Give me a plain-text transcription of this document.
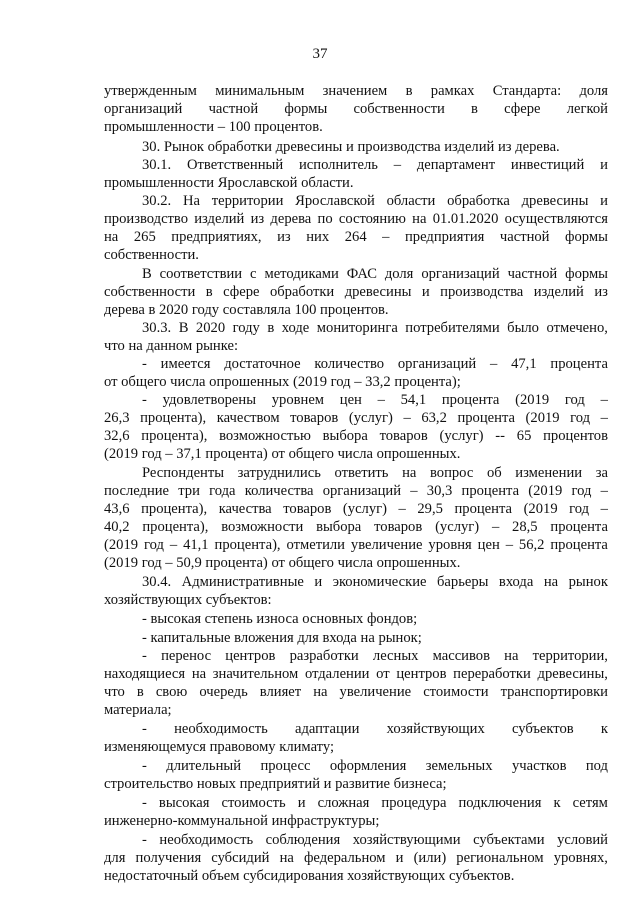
37
утвержденным минимальным значением в рамках Стандарта: доля
организаций частной формы собственности в сфере легкой
промышленности – 100 процентов.
30. Рынок обработки древесины и производства изделий из дерева.
30.1. Ответственный исполнитель – департамент инвестиций и
промышленности Ярославской области.
30.2. На территории Ярославской области обработка древесины и
производство изделий из дерева по состоянию на 01.01.2020 осуществляются
на 265 предприятиях, из них 264 – предприятия частной формы
собственности.
В соответствии с методиками ФАС доля организаций частной формы
собственности в сфере обработки древесины и производства изделий из
дерева в 2020 году составляла 100 процентов.
30.3. В 2020 году в ходе мониторинга потребителями было отмечено,
что на данном рынке:
- имеется достаточное количество организаций – 47,1 процента
от общего числа опрошенных (2019 год – 33,2 процента);
- удовлетворены уровнем цен – 54,1 процента (2019 год –
26,3 процента), качеством товаров (услуг) – 63,2 процента (2019 год –
32,6 процента), возможностью выбора товаров (услуг) -- 65 процентов
(2019 год – 37,1 процента) от общего числа опрошенных.
Респонденты затруднились ответить на вопрос об изменении за
последние три года количества организаций – 30,3 процента (2019 год –
43,6 процента), качества товаров (услуг) – 29,5 процента (2019 год –
40,2 процента), возможности выбора товаров (услуг) – 28,5 процента
(2019 год – 41,1 процента), отметили увеличение уровня цен – 56,2 процента
(2019 год – 50,9 процента) от общего числа опрошенных.
30.4. Административные и экономические барьеры входа на рынок
хозяйствующих субъектов:
- высокая степень износа основных фондов;
- капитальные вложения для входа на рынок;
- перенос центров разработки лесных массивов на территории,
находящиеся на значительном отдалении от центров переработки древесины,
что в свою очередь влияет на увеличение стоимости транспортировки
материала;
- необходимость адаптации хозяйствующих субъектов к
изменяющемуся правовому климату;
- длительный процесс оформления земельных участков под
строительство новых предприятий и развитие бизнеса;
- высокая стоимость и сложная процедура подключения к сетям
инженерно-коммунальной инфраструктуры;
- необходимость соблюдения хозяйствующими субъектами условий
для получения субсидий на федеральном и (или) региональном уровнях,
недостаточный объем субсидирования хозяйствующих субъектов.
